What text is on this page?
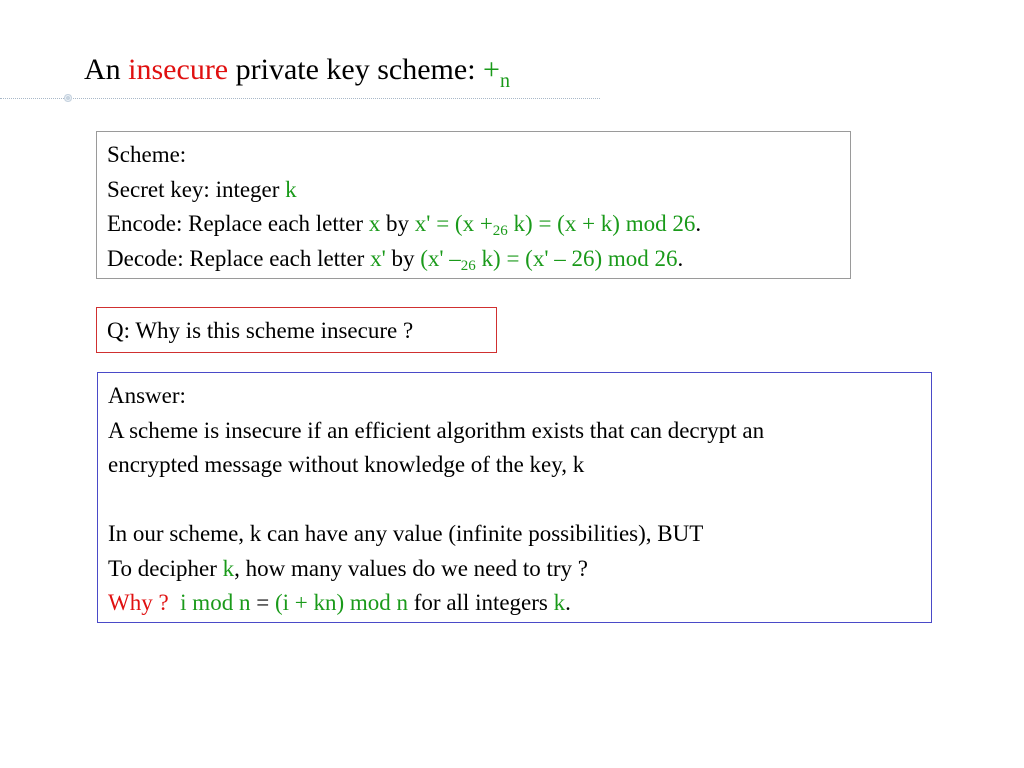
An insecure private key scheme: $+_n$
Scheme:
Secret key: integer k
Encode: Replace each letter x by $x' = (x +_{26}$ k) = (x + k) mod 26.
Decode: Replace each letter x' by (x' $-_{26}$ k) = (x' – 26) mod 26.
Q: Why is this scheme insecure ?
Answer:
A scheme is insecure if an efficient algorithm exists that can decrypt an
encrypted message without knowledge of the key, k
In our scheme, k can have any value (infinite possibilities), BUT
To decipher k, how many values do we need to try ?
Why ? i mod n = (i + kn) mod n for all integers k.
